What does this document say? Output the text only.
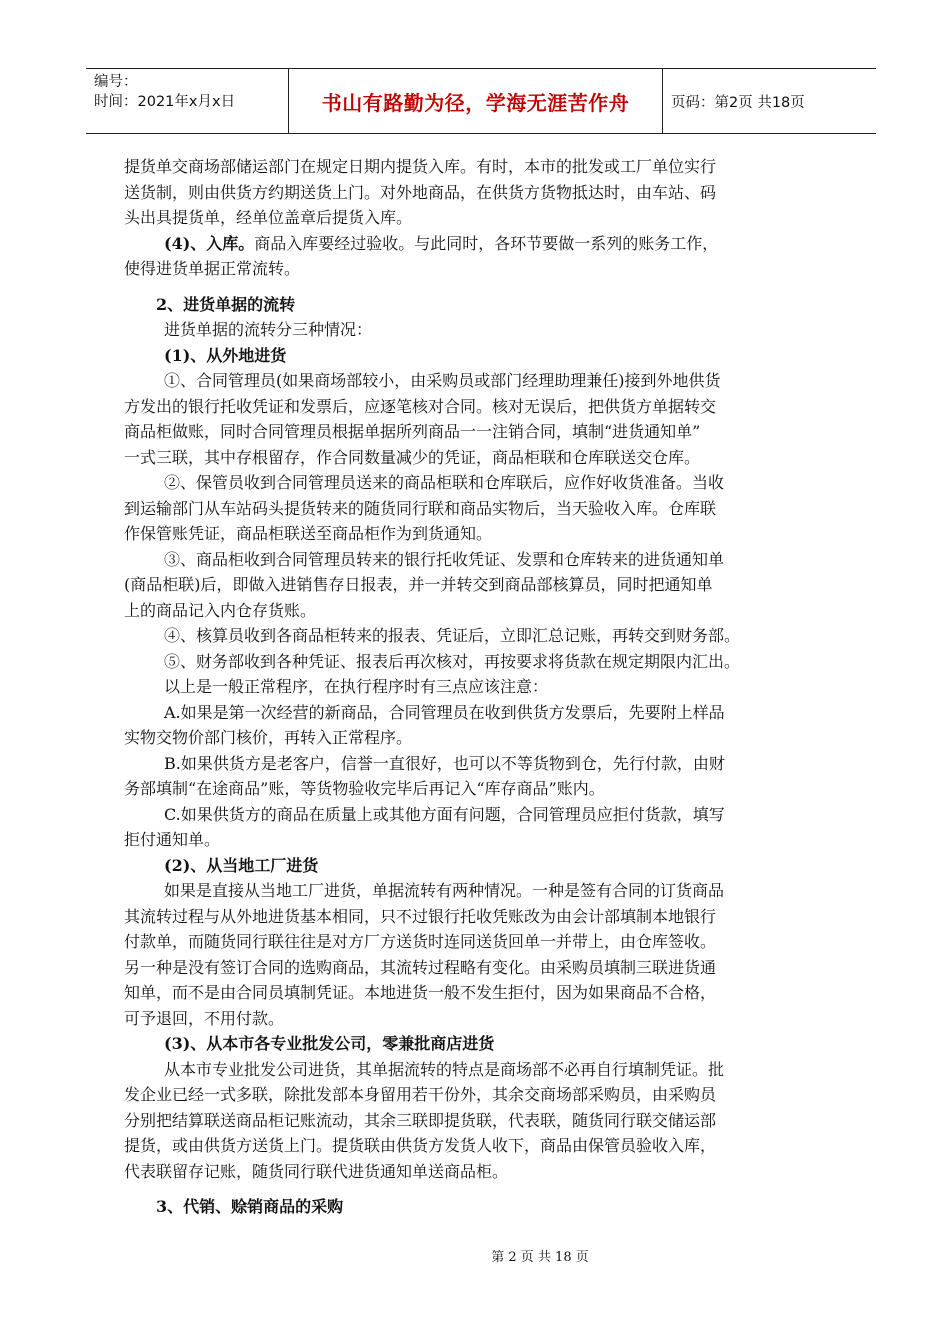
编号：
时间：2021年x月x日	书山有路勤为径，学海无涯苦作舟	页码：第2页 共18页
提货单交商场部储运部门在规定日期内提货入库。有时，本市的批发或工厂单位实行
送货制，则由供货方约期送货上门。对外地商品，在供货方货物抵达时，由车站、码
头出具提货单，经单位盖章后提货入库。
(4)、入库。商品入库要经过验收。与此同时，各环节要做一系列的账务工作，
使得进货单据正常流转。
2、进货单据的流转
进货单据的流转分三种情况：
(1)、从外地进货
①、合同管理员(如果商场部较小，由采购员或部门经理助理兼任)接到外地供货
方发出的银行托收凭证和发票后，应逐笔核对合同。核对无误后，把供货方单据转交
商品柜做账，同时合同管理员根据单据所列商品一一注销合同，填制“进货通知单”
一式三联，其中存根留存，作合同数量减少的凭证，商品柜联和仓库联送交仓库。
②、保管员收到合同管理员送来的商品柜联和仓库联后，应作好收货准备。当收
到运输部门从车站码头提货转来的随货同行联和商品实物后，当天验收入库。仓库联
作保管账凭证，商品柜联送至商品柜作为到货通知。
③、商品柜收到合同管理员转来的银行托收凭证、发票和仓库转来的进货通知单
(商品柜联)后，即做入进销售存日报表，并一并转交到商品部核算员，同时把通知单
上的商品记入内仓存货账。
④、核算员收到各商品柜转来的报表、凭证后，立即汇总记账，再转交到财务部。
⑤、财务部收到各种凭证、报表后再次核对，再按要求将货款在规定期限内汇出。
以上是一般正常程序，在执行程序时有三点应该注意：
A.如果是第一次经营的新商品，合同管理员在收到供货方发票后，先要附上样品
实物交物价部门核价，再转入正常程序。
B.如果供货方是老客户，信誉一直很好，也可以不等货物到仓，先行付款，由财
务部填制“在途商品”账，等货物验收完毕后再记入“库存商品”账内。
C.如果供货方的商品在质量上或其他方面有问题，合同管理员应拒付货款，填写
拒付通知单。
(2)、从当地工厂进货
如果是直接从当地工厂进货，单据流转有两种情况。一种是签有合同的订货商品
其流转过程与从外地进货基本相同，只不过银行托收凭账改为由会计部填制本地银行
付款单，而随货同行联往往是对方厂方送货时连同送货回单一并带上，由仓库签收。
另一种是没有签订合同的选购商品，其流转过程略有变化。由采购员填制三联进货通
知单，而不是由合同员填制凭证。本地进货一般不发生拒付，因为如果商品不合格，
可予退回，不用付款。
(3)、从本市各专业批发公司，零兼批商店进货
从本市专业批发公司进货，其单据流转的特点是商场部不必再自行填制凭证。批
发企业已经一式多联，除批发部本身留用若干份外，其余交商场部采购员，由采购员
分别把结算联送商品柜记账流动，其余三联即提货联，代表联，随货同行联交储运部
提货，或由供货方送货上门。提货联由供货方发货人收下，商品由保管员验收入库，
代表联留存记账，随货同行联代进货通知单送商品柜。
3、代销、赊销商品的采购
第 2 页 共 18 页
